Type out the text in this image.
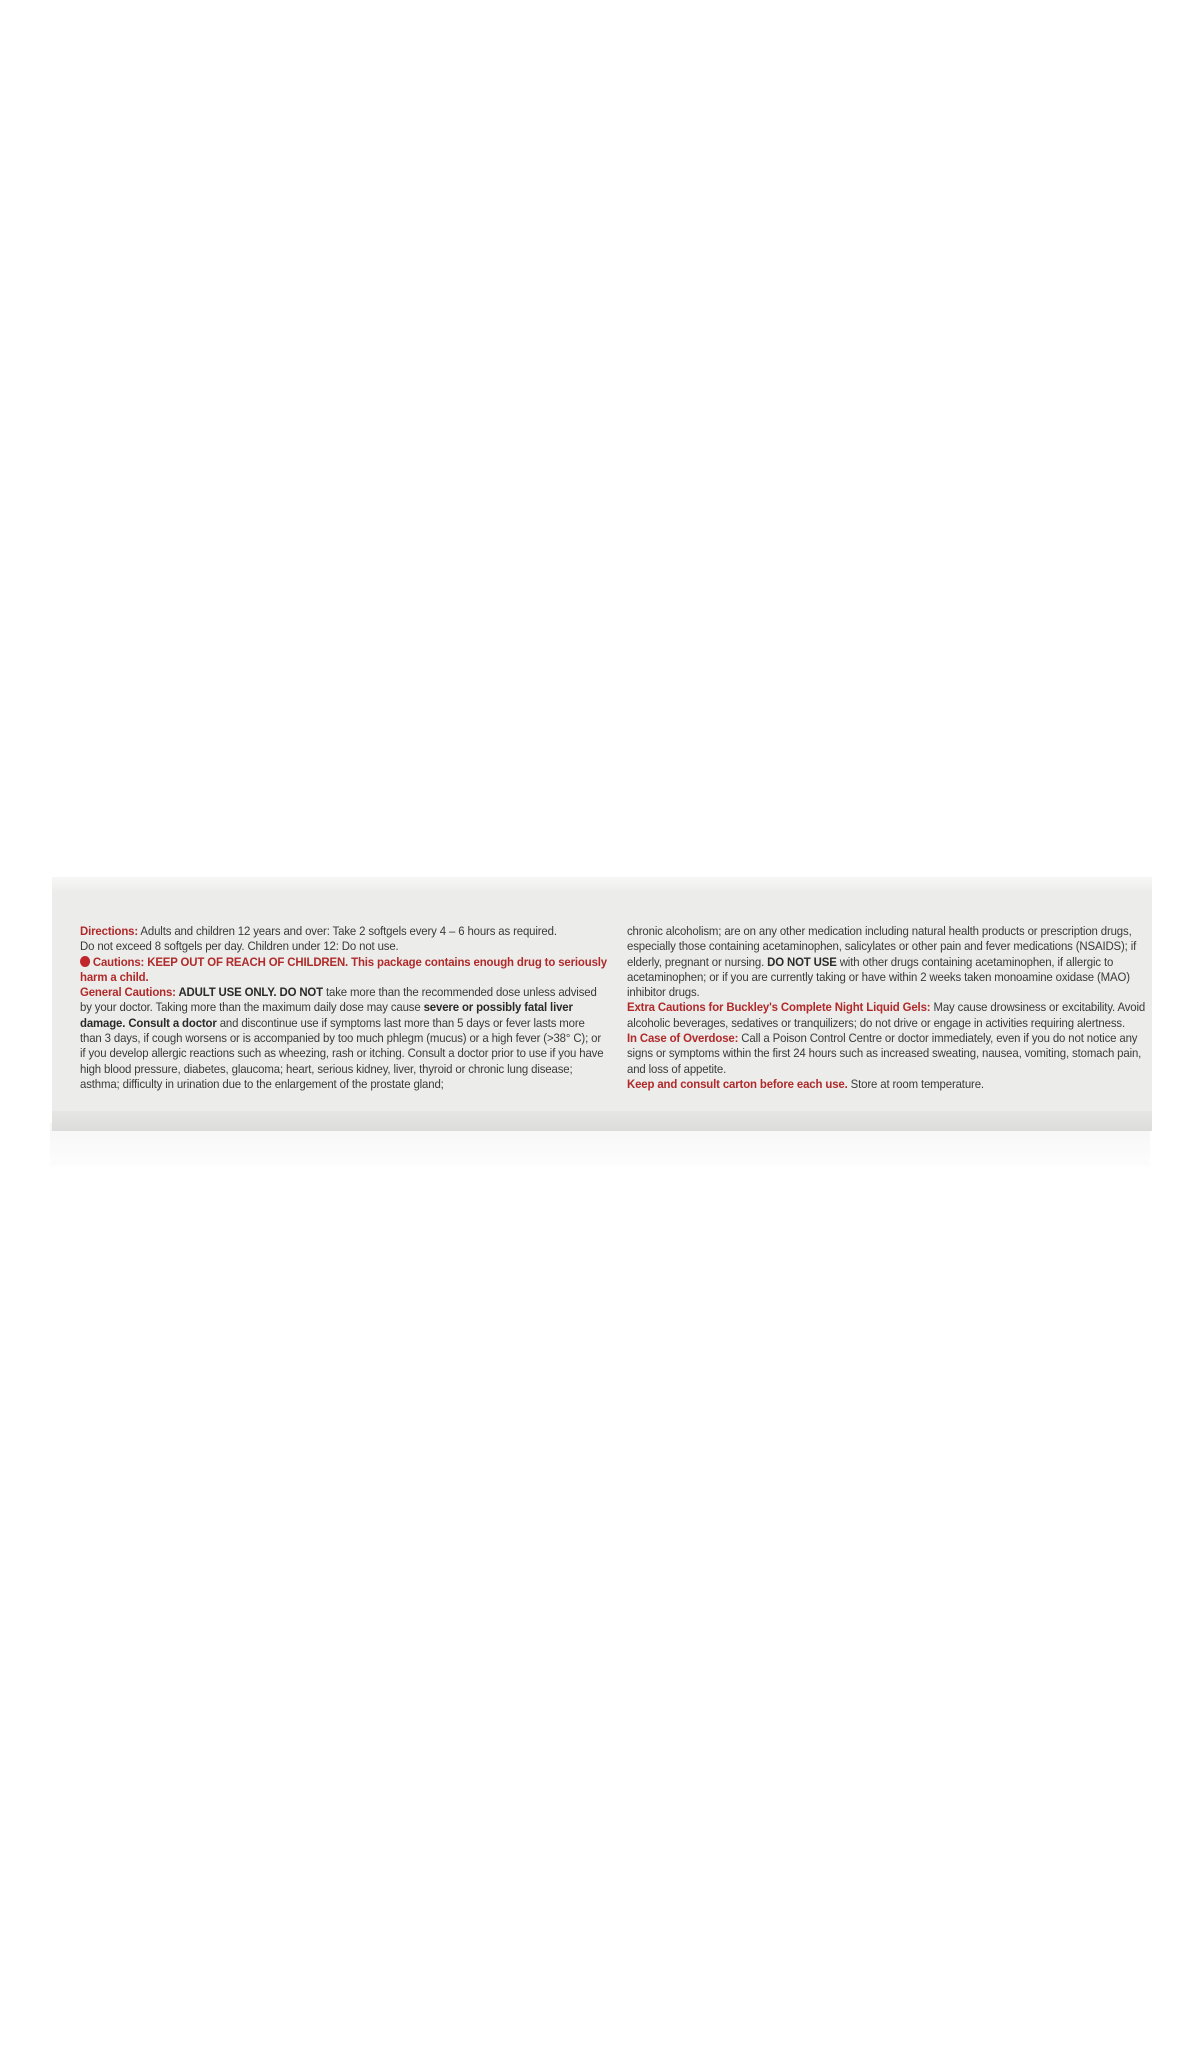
Directions: Adults and children 12 years and over: Take 2 softgels every 4 – 6 hours as required.
Do not exceed 8 softgels per day. Children under 12: Do not use.

Cautions: KEEP OUT OF REACH OF CHILDREN. This package contains enough drug to seriously harm a child.

General Cautions: ADULT USE ONLY. DO NOT take more than the recommended dose unless advised by your doctor. Taking more than the maximum daily dose may cause severe or possibly fatal liver damage. Consult a doctor and discontinue use if symptoms last more than 5 days or fever lasts more than 3 days, if cough worsens or is accompanied by too much phlegm (mucus) or a high fever (>38° C); or if you develop allergic reactions such as wheezing, rash or itching. Consult a doctor prior to use if you have high blood pressure, diabetes, glaucoma; heart, serious kidney, liver, thyroid or chronic lung disease; asthma; difficulty in urination due to the enlargement of the prostate gland;

chronic alcoholism; are on any other medication including natural health products or prescription drugs, especially those containing acetaminophen, salicylates or other pain and fever medications (NSAIDS); if elderly, pregnant or nursing. DO NOT USE with other drugs containing acetaminophen, if allergic to acetaminophen; or if you are currently taking or have within 2 weeks taken monoamine oxidase (MAO) inhibitor drugs.

Extra Cautions for Buckley's Complete Night Liquid Gels: May cause drowsiness or excitability. Avoid alcoholic beverages, sedatives or tranquilizers; do not drive or engage in activities requiring alertness.

In Case of Overdose: Call a Poison Control Centre or doctor immediately, even if you do not notice any signs or symptoms within the first 24 hours such as increased sweating, nausea, vomiting, stomach pain, and loss of appetite.

Keep and consult carton before each use. Store at room temperature.
